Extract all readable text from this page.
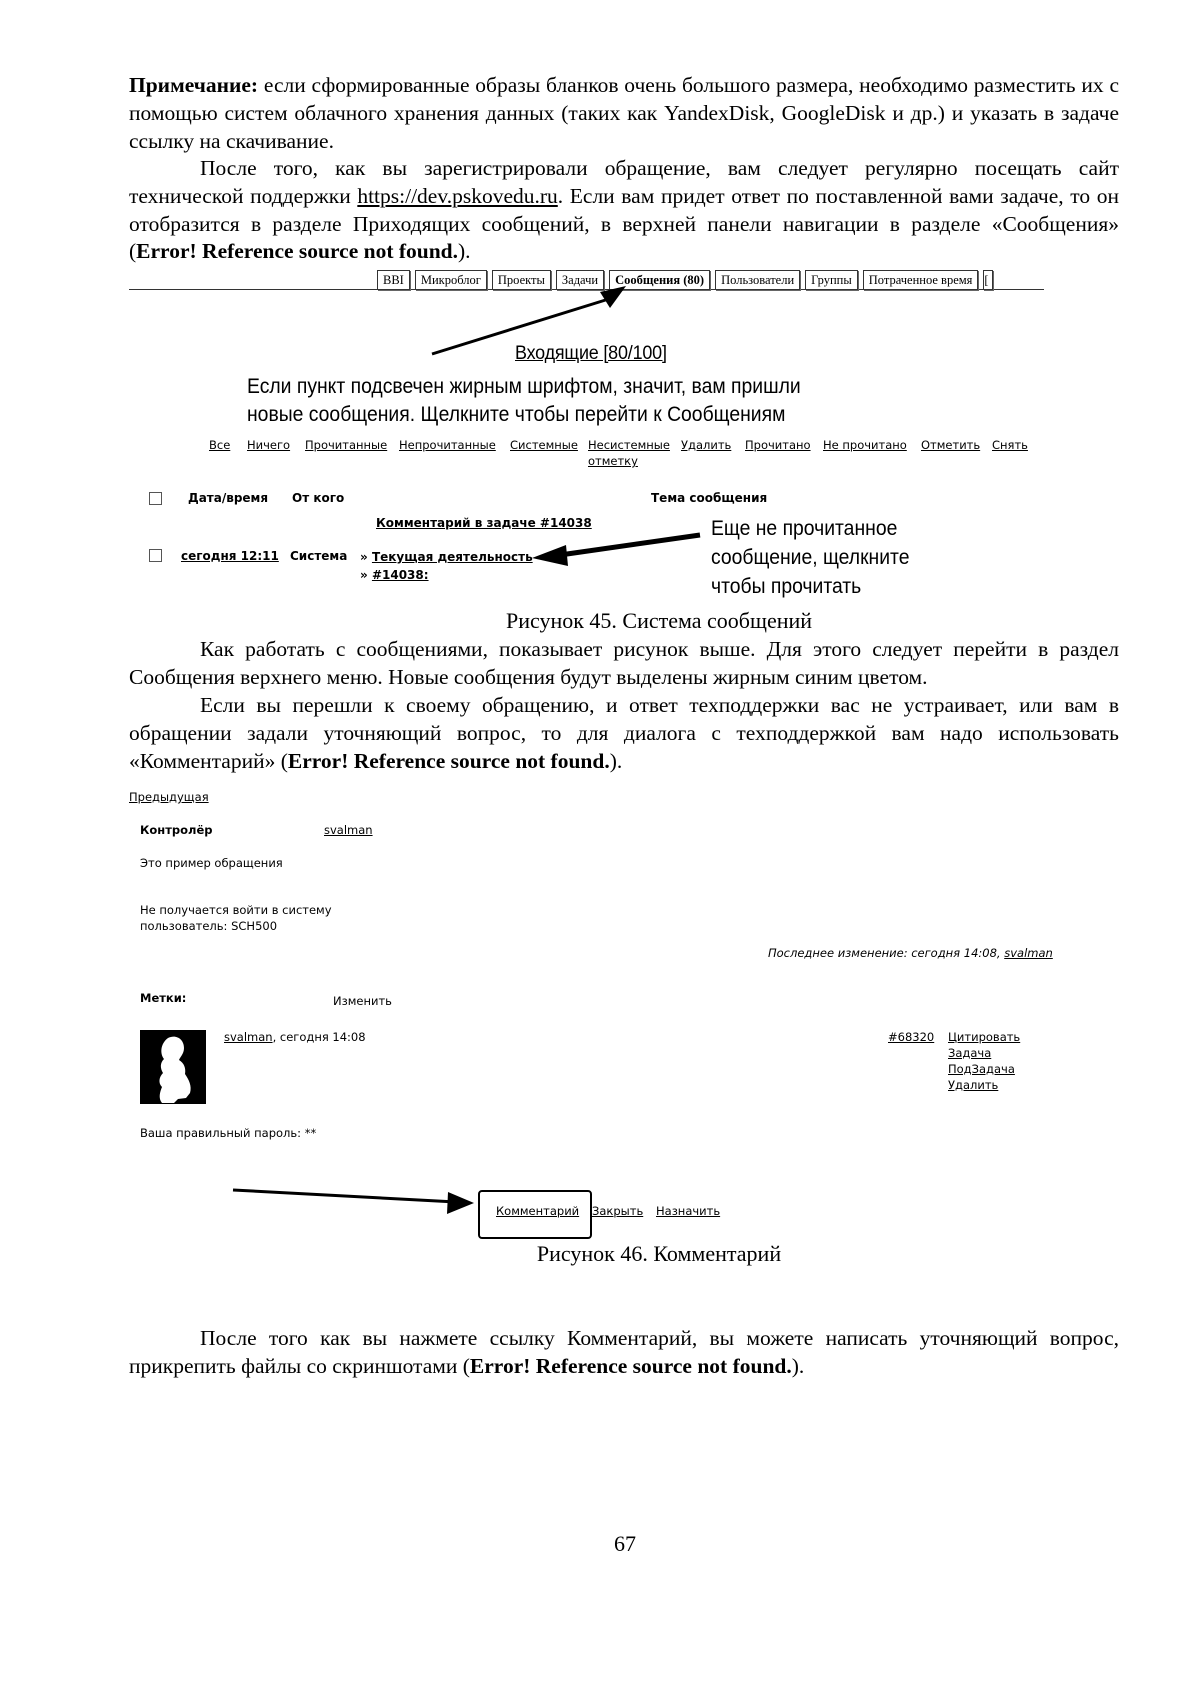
Примечание: если сформированные образы бланков очень большого размера, необходимо разместить их с помощью систем облачного хранения данных (таких как YandexDisk, GoogleDisk и др.) и указать в задаче ссылку на скачивание.
После того, как вы зарегистрировали обращение, вам следует регулярно посещать сайт технической поддержки https://dev.pskovedu.ru. Если вам придет ответ по поставленной вами задаче, то он отобразится в разделе Приходящих сообщений, в верхней панели навигации в разделе «Сообщения» (Error! Reference source not found.).
BBI	Микроблог	Проекты	Задачи	Сообщения (80)	Пользователи	Группы	Потраченное время [
Входящие [80/100]
Если пункт подсвечен жирным шрифтом, значит, вам пришли
новые сообщения. Щелкните чтобы перейти к Сообщениям
Все Ничего Прочитанные Непрочитанные Системные Несистемные
отметку
Удалить Прочитано Не прочитано Отметить Снять
Дата/время От кого	Тема сообщения
Комментарий в задаче #14038
сегодня 12:11 Система » Текущая деятельность
» #14038:
Еще не прочитанное
сообщение, щелкните
чтобы прочитать
Рисунок 45. Система сообщений
Как работать с сообщениями, показывает рисунок выше. Для этого следует перейти в раздел Сообщения верхнего меню. Новые сообщения будут выделены жирным синим цветом.
Если вы перешли к своему обращению, и ответ техподдержки вас не устраивает, или вам в обращении задали уточняющий вопрос, то для диалога с техподдержкой вам надо использовать «Комментарий» (Error! Reference source not found.).
Предыдущая
Контролёр	svalman
Это пример обращения
Не получается войти в систему
пользователь: SCH500
Последнее изменение: сегодня 14:08, svalman
Метки:	Изменить
svalman, сегодня 14:08	#68320 Цитировать
Задача
ПодЗадача
Удалить
Ваша правильный пароль: **
Комментарий Закрыть Назначить
Рисунок 46. Комментарий
После того как вы нажмете ссылку Комментарий, вы можете написать уточняющий вопрос, прикрепить файлы со скриншотами (Error! Reference source not found.).
67
